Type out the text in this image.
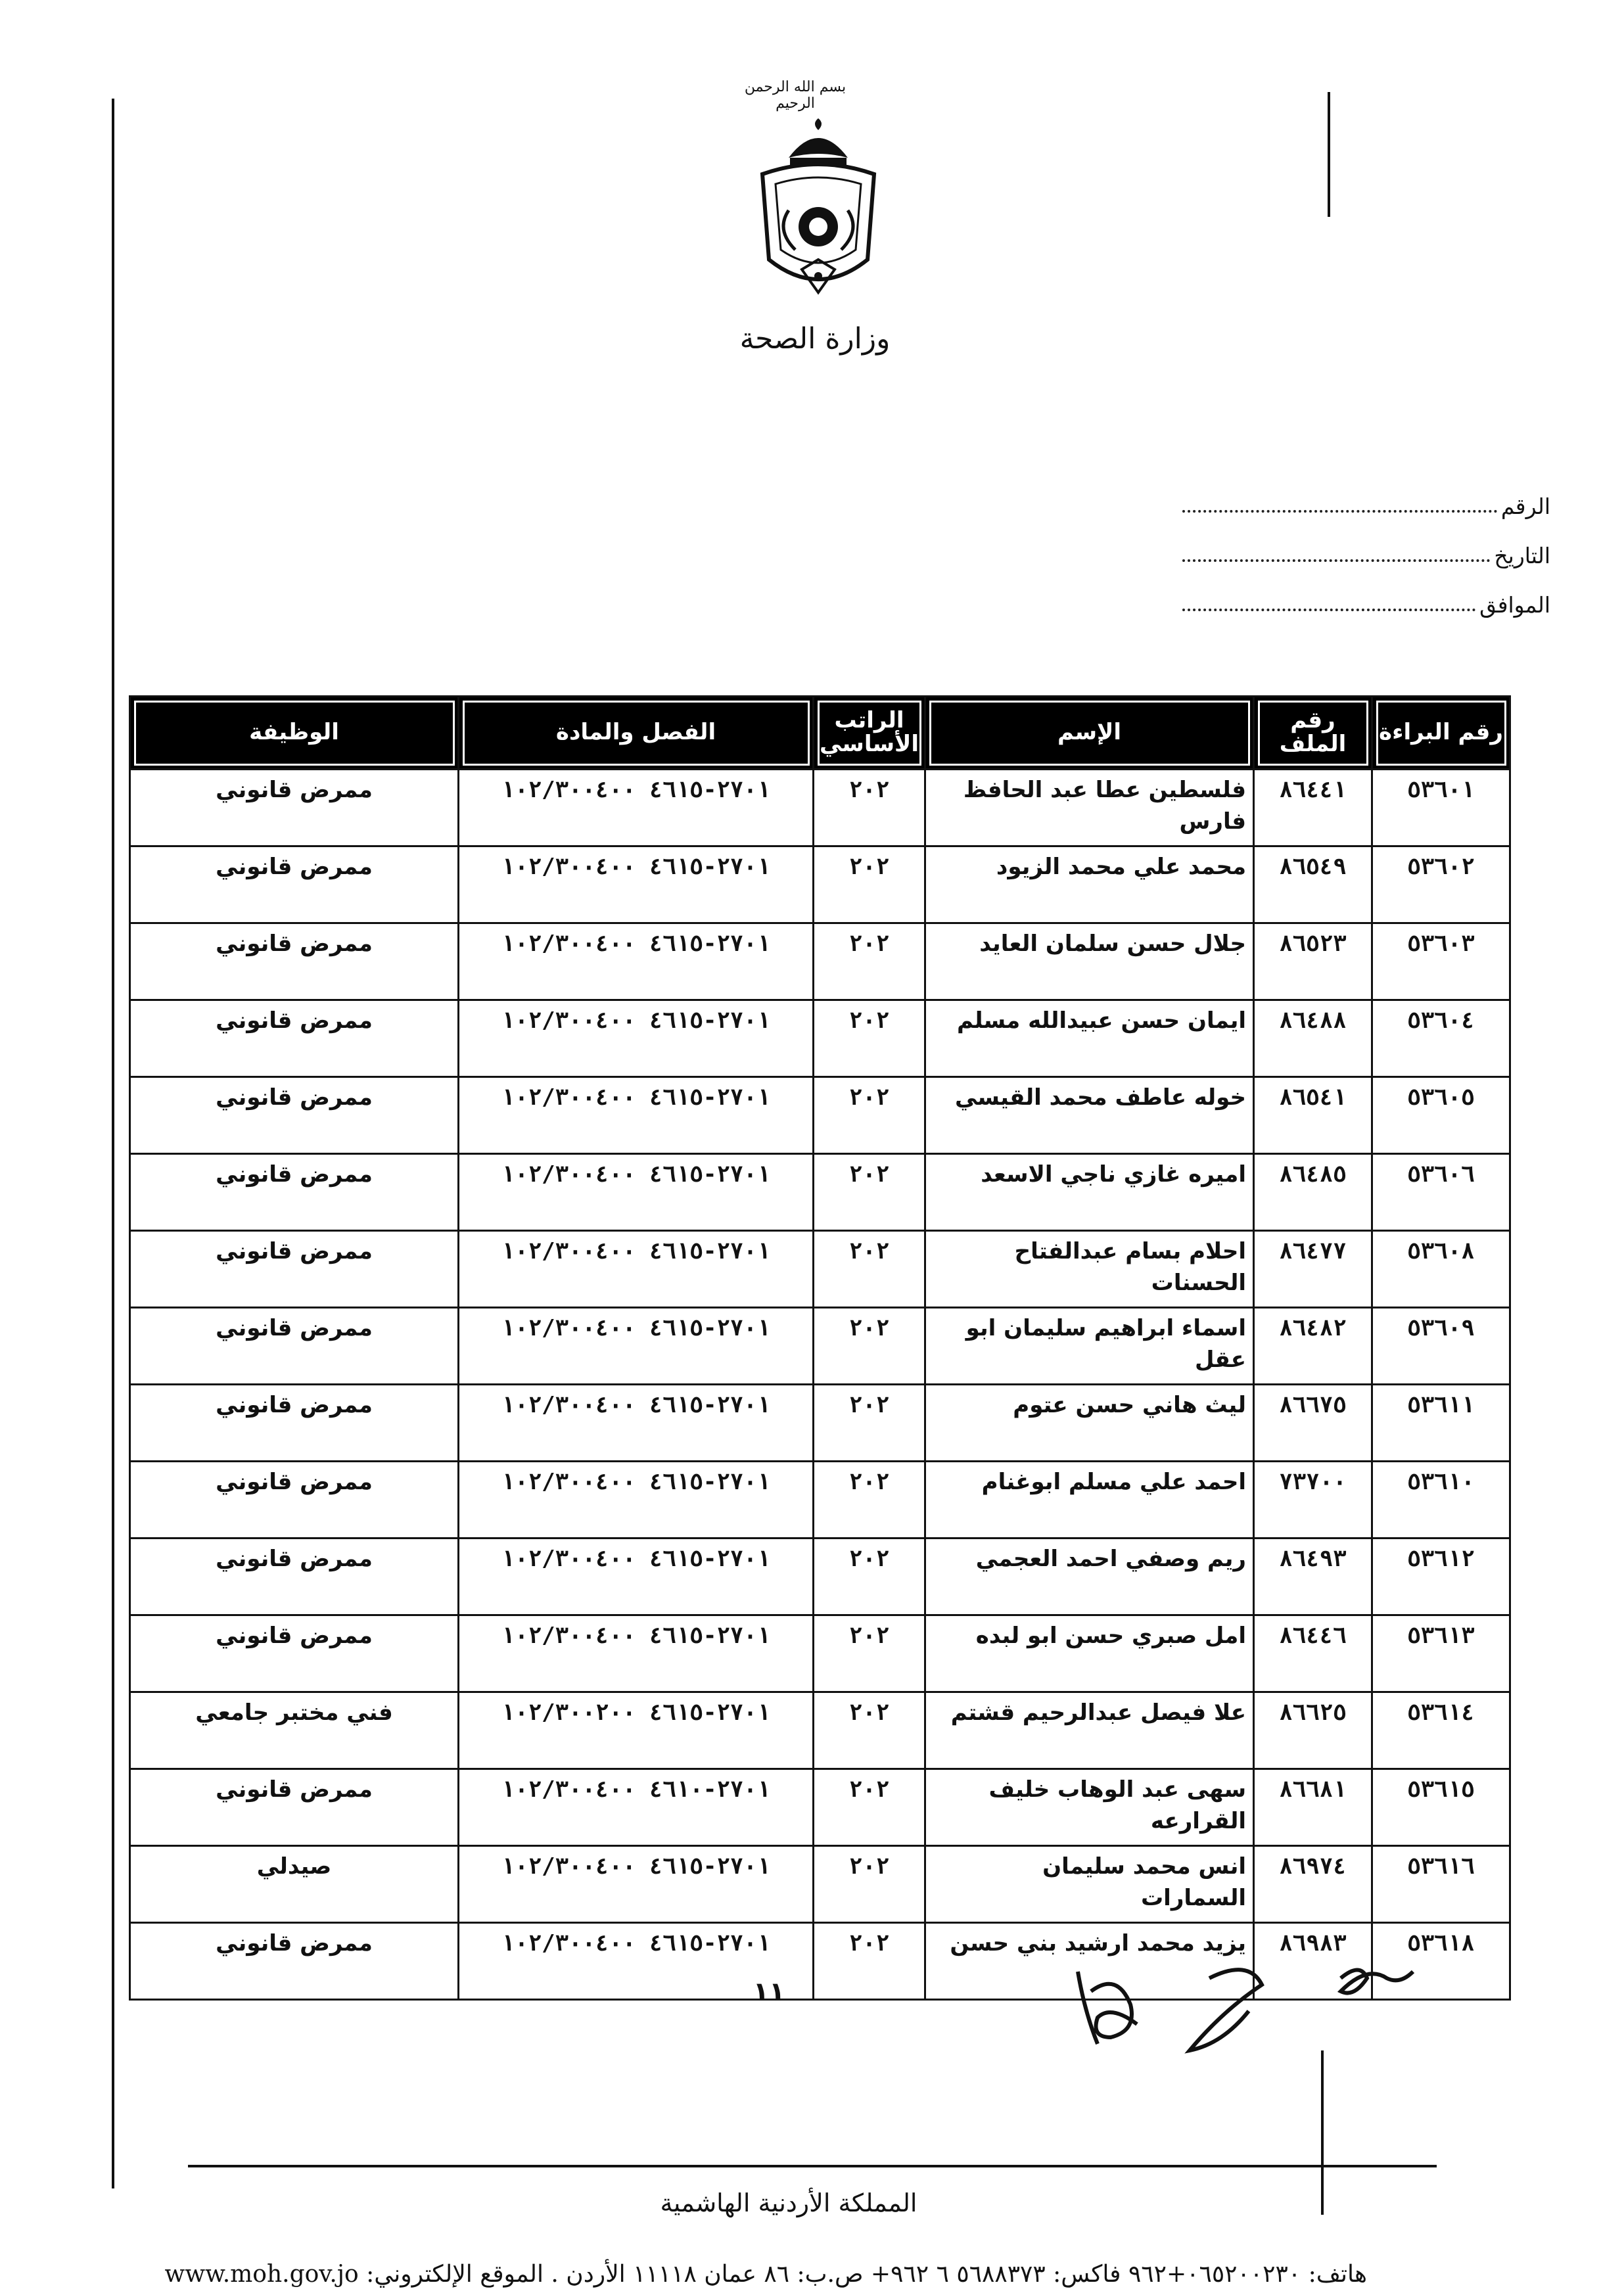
بسم الله الرحمن الرحيم
وزارة الصحة
الرقم
التاريخ
الموافق
رقم البراءة	رقم الملف	الإسم	الراتب الأساسي	الفصل والمادة	الوظيفة
٥٣٦٠١	٨٦٤٤١	فلسطين عطا عبد الحافظ فارس	٢٠٢	٢٧٠١-٤٦١٥ ١٠٢/٣٠٠٤٠٠	ممرض قانوني
٥٣٦٠٢	٨٦٥٤٩	محمد علي محمد الزيود	٢٠٢	٢٧٠١-٤٦١٥ ١٠٢/٣٠٠٤٠٠	ممرض قانوني
٥٣٦٠٣	٨٦٥٢٣	جلال حسن سلمان العايد	٢٠٢	٢٧٠١-٤٦١٥ ١٠٢/٣٠٠٤٠٠	ممرض قانوني
٥٣٦٠٤	٨٦٤٨٨	ايمان حسن عبيدالله مسلم	٢٠٢	٢٧٠١-٤٦١٥ ١٠٢/٣٠٠٤٠٠	ممرض قانوني
٥٣٦٠٥	٨٦٥٤١	خوله عاطف محمد القيسي	٢٠٢	٢٧٠١-٤٦١٥ ١٠٢/٣٠٠٤٠٠	ممرض قانوني
٥٣٦٠٦	٨٦٤٨٥	اميره غازي ناجي الاسعد	٢٠٢	٢٧٠١-٤٦١٥ ١٠٢/٣٠٠٤٠٠	ممرض قانوني
٥٣٦٠٨	٨٦٤٧٧	احلام بسام عبدالفتاح الحسنات	٢٠٢	٢٧٠١-٤٦١٥ ١٠٢/٣٠٠٤٠٠	ممرض قانوني
٥٣٦٠٩	٨٦٤٨٢	اسماء ابراهيم سليمان ابو عقل	٢٠٢	٢٧٠١-٤٦١٥ ١٠٢/٣٠٠٤٠٠	ممرض قانوني
٥٣٦١١	٨٦٦٧٥	ليث هاني حسن عتوم	٢٠٢	٢٧٠١-٤٦١٥ ١٠٢/٣٠٠٤٠٠	ممرض قانوني
٥٣٦١٠	٧٣٧٠٠	احمد علي مسلم ابوغنام	٢٠٢	٢٧٠١-٤٦١٥ ١٠٢/٣٠٠٤٠٠	ممرض قانوني
٥٣٦١٢	٨٦٤٩٣	ريم وصفي احمد العجمي	٢٠٢	٢٧٠١-٤٦١٥ ١٠٢/٣٠٠٤٠٠	ممرض قانوني
٥٣٦١٣	٨٦٤٤٦	امل صبري حسن ابو لبده	٢٠٢	٢٧٠١-٤٦١٥ ١٠٢/٣٠٠٤٠٠	ممرض قانوني
٥٣٦١٤	٨٦٦٢٥	علا فيصل عبدالرحيم قشتم	٢٠٢	٢٧٠١-٤٦١٥ ١٠٢/٣٠٠٢٠٠	فني مختبر جامعي
٥٣٦١٥	٨٦٦٨١	سهى عبد الوهاب خليف القرارعه	٢٠٢	٢٧٠١-٤٦١٠ ١٠٢/٣٠٠٤٠٠	ممرض قانوني
٥٣٦١٦	٨٦٩٧٤	انس محمد سليمان السمارات	٢٠٢	٢٧٠١-٤٦١٥ ١٠٢/٣٠٠٤٠٠	صيدلي
٥٣٦١٨	٨٦٩٨٣	يزيد محمد ارشيد بني حسن	٢٠٢	٢٧٠١-٤٦١٥ ١٠٢/٣٠٠٤٠٠	ممرض قانوني
١١
المملكة الأردنية الهاشمية
هاتف: ٠٦٥٢٠٠٢٣٠+٩٦٢ فاكس: ٥٦٨٨٣٧٣ ٦ ٩٦٢+ ص.ب: ٨٦ عمان ١١١١٨ الأردن . الموقع الإلكتروني: www.moh.gov.jo
